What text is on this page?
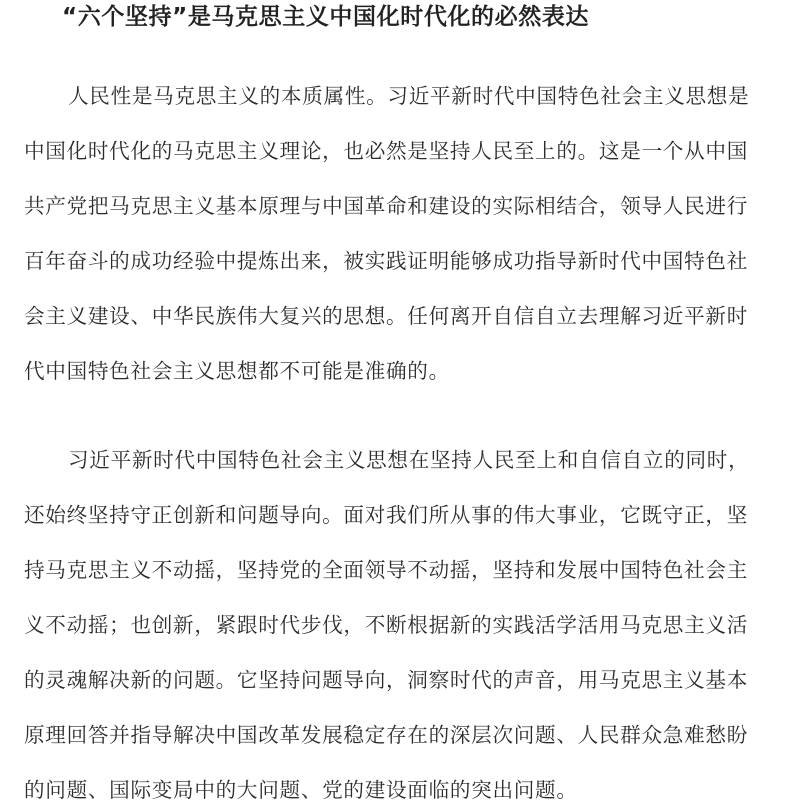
“六个坚持”是马克思主义中国化时代化的必然表达

人民性是马克思主义的本质属性。习近平新时代中国特色社会主义思想是
中国化时代化的马克思主义理论，也必然是坚持人民至上的。这是一个从中国
共产党把马克思主义基本原理与中国革命和建设的实际相结合，领导人民进行
百年奋斗的成功经验中提炼出来，被实践证明能够成功指导新时代中国特色社
会主义建设、中华民族伟大复兴的思想。任何离开自信自立去理解习近平新时
代中国特色社会主义思想都不可能是准确的。

习近平新时代中国特色社会主义思想在坚持人民至上和自信自立的同时，
还始终坚持守正创新和问题导向。面对我们所从事的伟大事业，它既守正，坚
持马克思主义不动摇，坚持党的全面领导不动摇，坚持和发展中国特色社会主
义不动摇；也创新，紧跟时代步伐，不断根据新的实践活学活用马克思主义活
的灵魂解决新的问题。它坚持问题导向，洞察时代的声音，用马克思主义基本
原理回答并指导解决中国改革发展稳定存在的深层次问题、人民群众急难愁盼
的问题、国际变局中的大问题、党的建设面临的突出问题。
